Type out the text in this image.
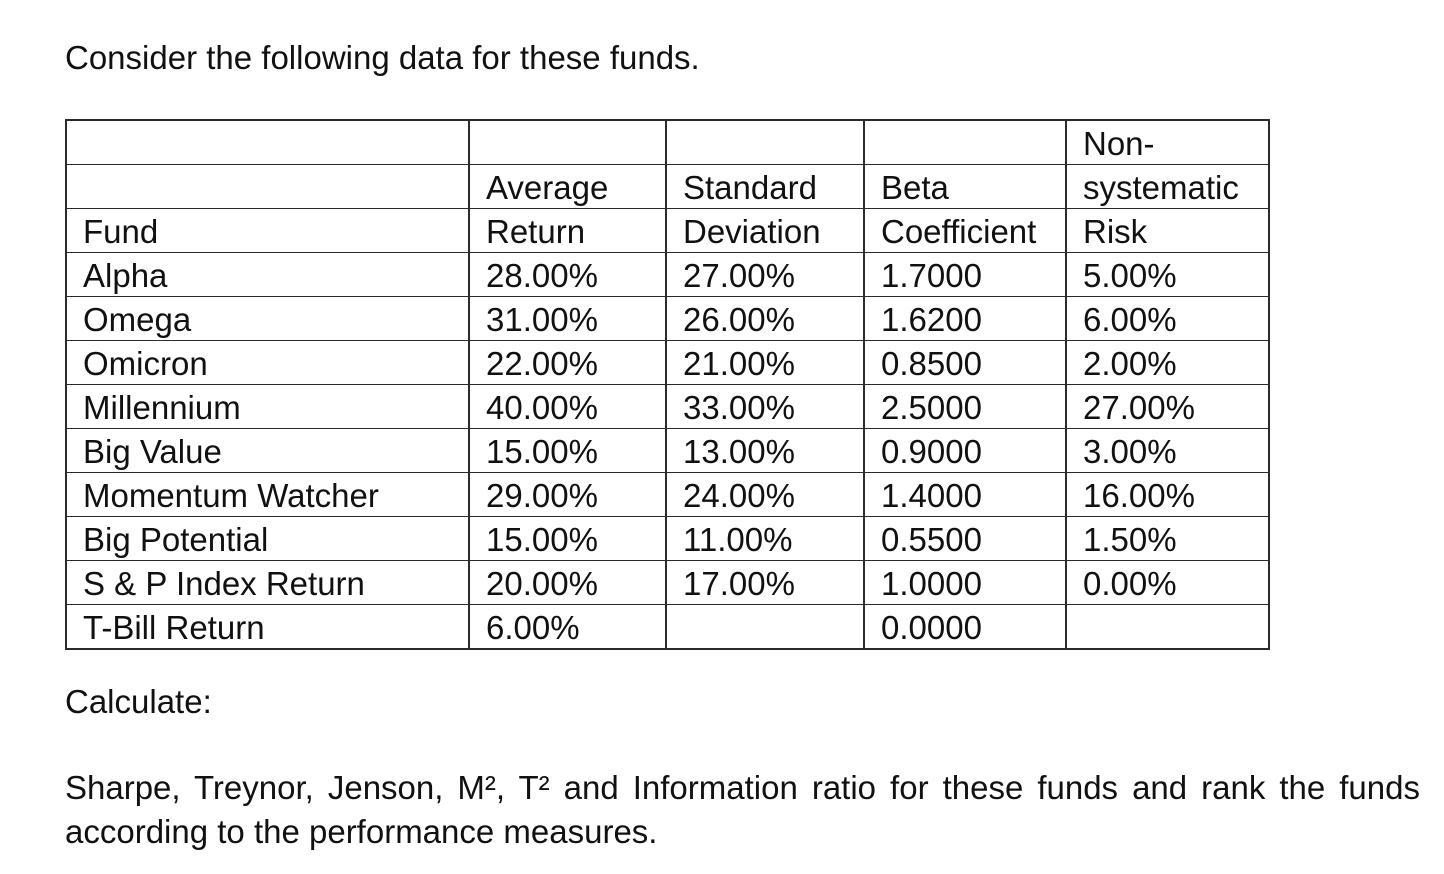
Consider the following data for these funds.
				Non-
	Average	Standard	Beta	systematic
Fund	Return	Deviation	Coefficient	Risk
Alpha	28.00%	27.00%	1.7000	5.00%
Omega	31.00%	26.00%	1.6200	6.00%
Omicron	22.00%	21.00%	0.8500	2.00%
Millennium	40.00%	33.00%	2.5000	27.00%
Big Value	15.00%	13.00%	0.9000	3.00%
Momentum Watcher	29.00%	24.00%	1.4000	16.00%
Big Potential	15.00%	11.00%	0.5500	1.50%
S & P Index Return	20.00%	17.00%	1.0000	0.00%
T-Bill Return	6.00%		0.0000	
Calculate:
Sharpe, Treynor, Jenson, M², T² and Information ratio for these funds and rank the funds according to the performance measures.
